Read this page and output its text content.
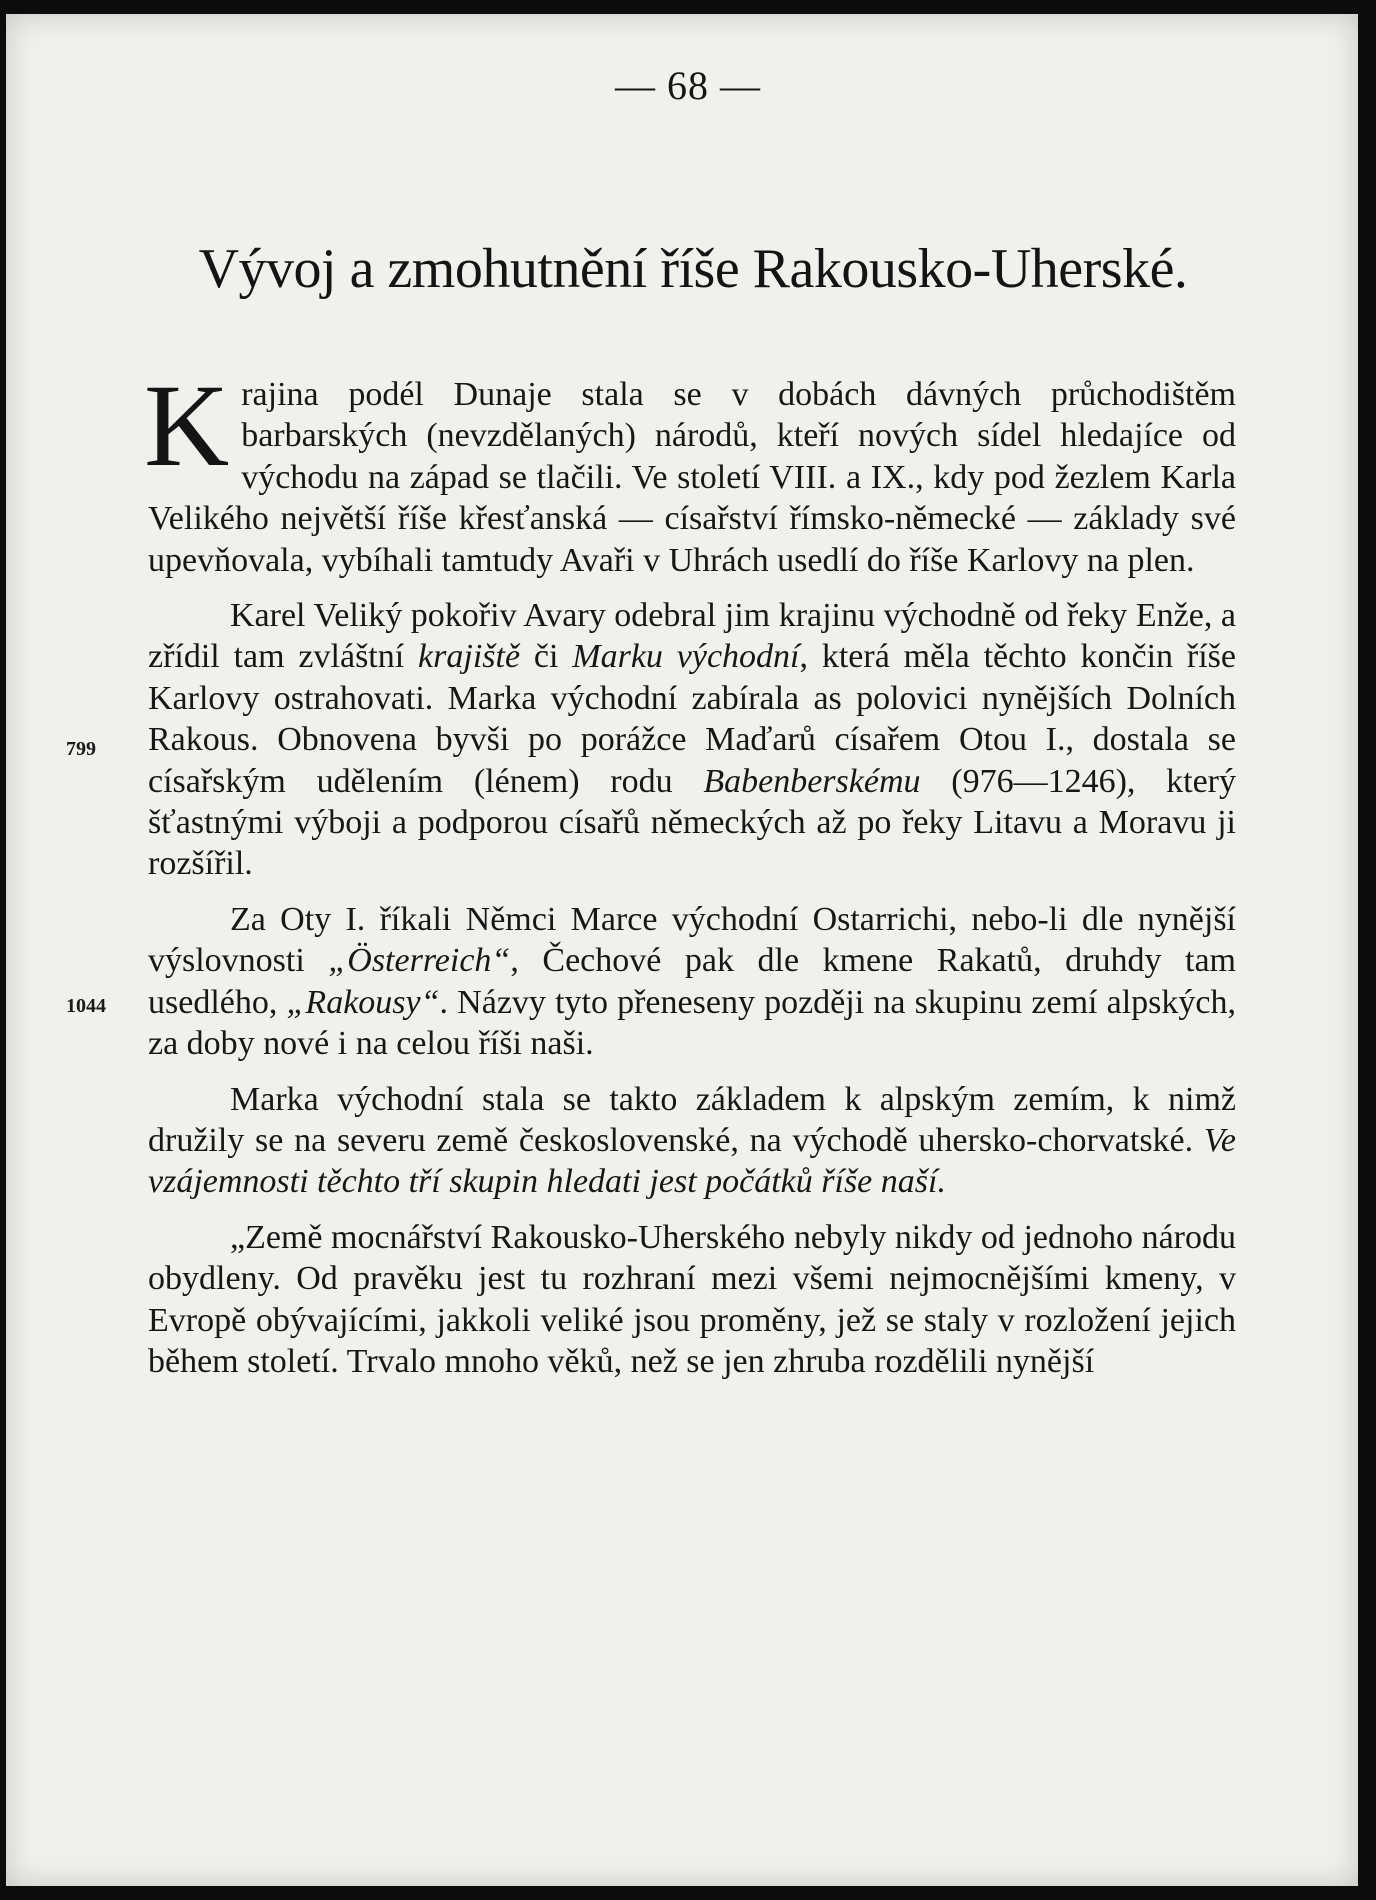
— 68 —
Vývoj a zmohutnění říše Rakousko-Uherské.
799
1044

Krajina podél Dunaje stala se v dobách dávných průchodištěm barbarských (nevzdělaných) národů, kteří nových sídel hledajíce od východu na západ se tlačili. Ve století VIII. a IX., kdy pod žezlem Karla Velikého největší říše křesťanská — císařství římsko-německé — základy své upevňovala, vybíhali tamtudy Avaři v Uhrách usedlí do říše Karlovy na plen.

Karel Veliký pokořiv Avary odebral jim krajinu východně od řeky Enže, a zřídil tam zvláštní krajiště či Marku východní, která měla těchto končin říše Karlovy ostrahovati. Marka východní zabírala as polovici nynějších Dolních Rakous. Obnovena byvši po porážce Maďarů císařem Otou I., dostala se císařským udělením (lénem) rodu Babenberskému (976—1246), který šťastnými výboji a podporou císařů německých až po řeky Litavu a Moravu ji rozšířil.

Za Oty I. říkali Němci Marce východní Ostarrichi, nebo-li dle nynější výslovnosti „Österreich“, Čechové pak dle kmene Rakatů, druhdy tam usedlého, „Rakousy“. Názvy tyto přeneseny později na skupinu zemí alpských, za doby nové i na celou říši naši.

Marka východní stala se takto základem k alpským zemím, k nimž družily se na severu země československé, na východě uhersko-chorvatské. Ve vzájemnosti těchto tří skupin hledati jest počátků říše naší.

„Země mocnářství Rakousko-Uherského nebyly nikdy od jednoho národu obydleny. Od pravěku jest tu rozhraní mezi všemi nejmocnějšími kmeny, v Evropě obývajícími, jakkoli veliké jsou proměny, jež se staly v rozložení jejich během století. Trvalo mnoho věků, než se jen zhruba rozdělili nynější
